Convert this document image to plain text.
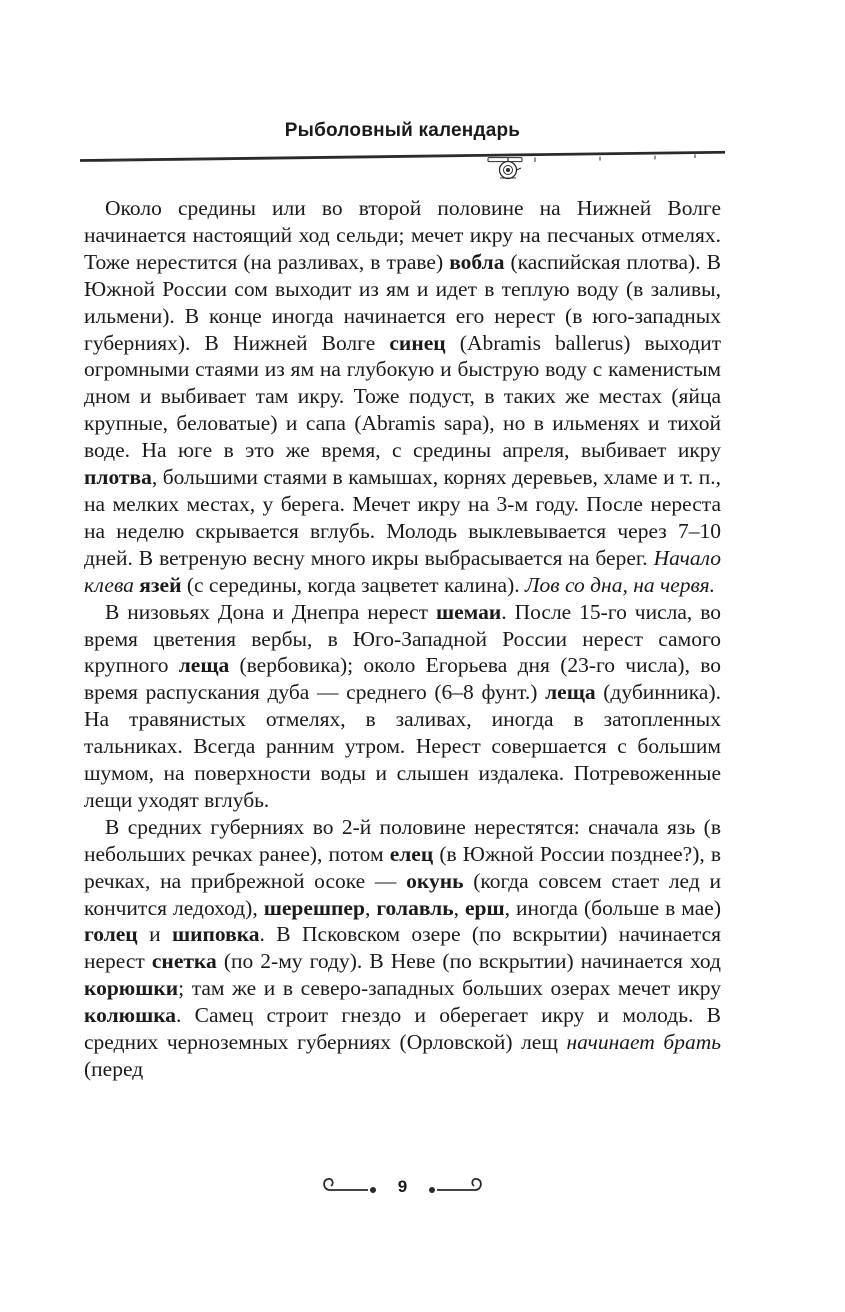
Рыболовный календарь

Около средины или во второй половине на Нижней Волге начинается настоящий ход сельди; мечет икру на песчаных отмелях. Тоже нерестится (на разливах, в траве) вобла (каспийская плотва). В Южной России сом выходит из ям и идет в теплую воду (в заливы, ильмени). В конце иногда начинается его нерест (в юго-западных губерниях). В Нижней Волге синец (Abramis ballerus) выходит огромными стаями из ям на глубокую и быструю воду с каменистым дном и выбивает там икру. Тоже подуст, в таких же местах (яйца крупные, беловатые) и сапа (Abramis sapa), но в ильменях и тихой воде. На юге в это же время, с средины апреля, выбивает икру плотва, большими стаями в камышах, корнях деревьев, хламе и т. п., на мелких местах, у берега. Мечет икру на 3-м году. После нереста на неделю скрывается вглубь. Молодь выклевывается через 7–10 дней. В ветреную весну много икры выбрасывается на берег. Начало клева язей (с середины, когда зацветет калина). Лов со дна, на червя.

В низовьях Дона и Днепра нерест шемаи. После 15-го числа, во время цветения вербы, в Юго-Западной России нерест самого крупного леща (вербовика); около Егорьева дня (23-го числа), во время распускания дуба — среднего (6–8 фунт.) леща (дубинника). На травянистых отмелях, в заливах, иногда в затопленных тальниках. Всегда ранним утром. Нерест совершается с большим шумом, на поверхности воды и слышен издалека. Потревоженные лещи уходят вглубь.

В средних губерниях во 2-й половине нерестятся: сначала язь (в небольших речках ранее), потом елец (в Южной России позднее?), в речках, на прибрежной осоке — окунь (когда совсем стает лед и кончится ледоход), шерешпер, голавль, ерш, иногда (больше в мае) голец и шиповка. В Псковском озере (по вскрытии) начинается нерест снетка (по 2-му году). В Неве (по вскрытии) начинается ход корюшки; там же и в северо-западных больших озерах мечет икру колюшка. Самец строит гнездо и оберегает икру и молодь. В средних черноземных губерниях (Орловской) лещ начинает брать (перед

9
